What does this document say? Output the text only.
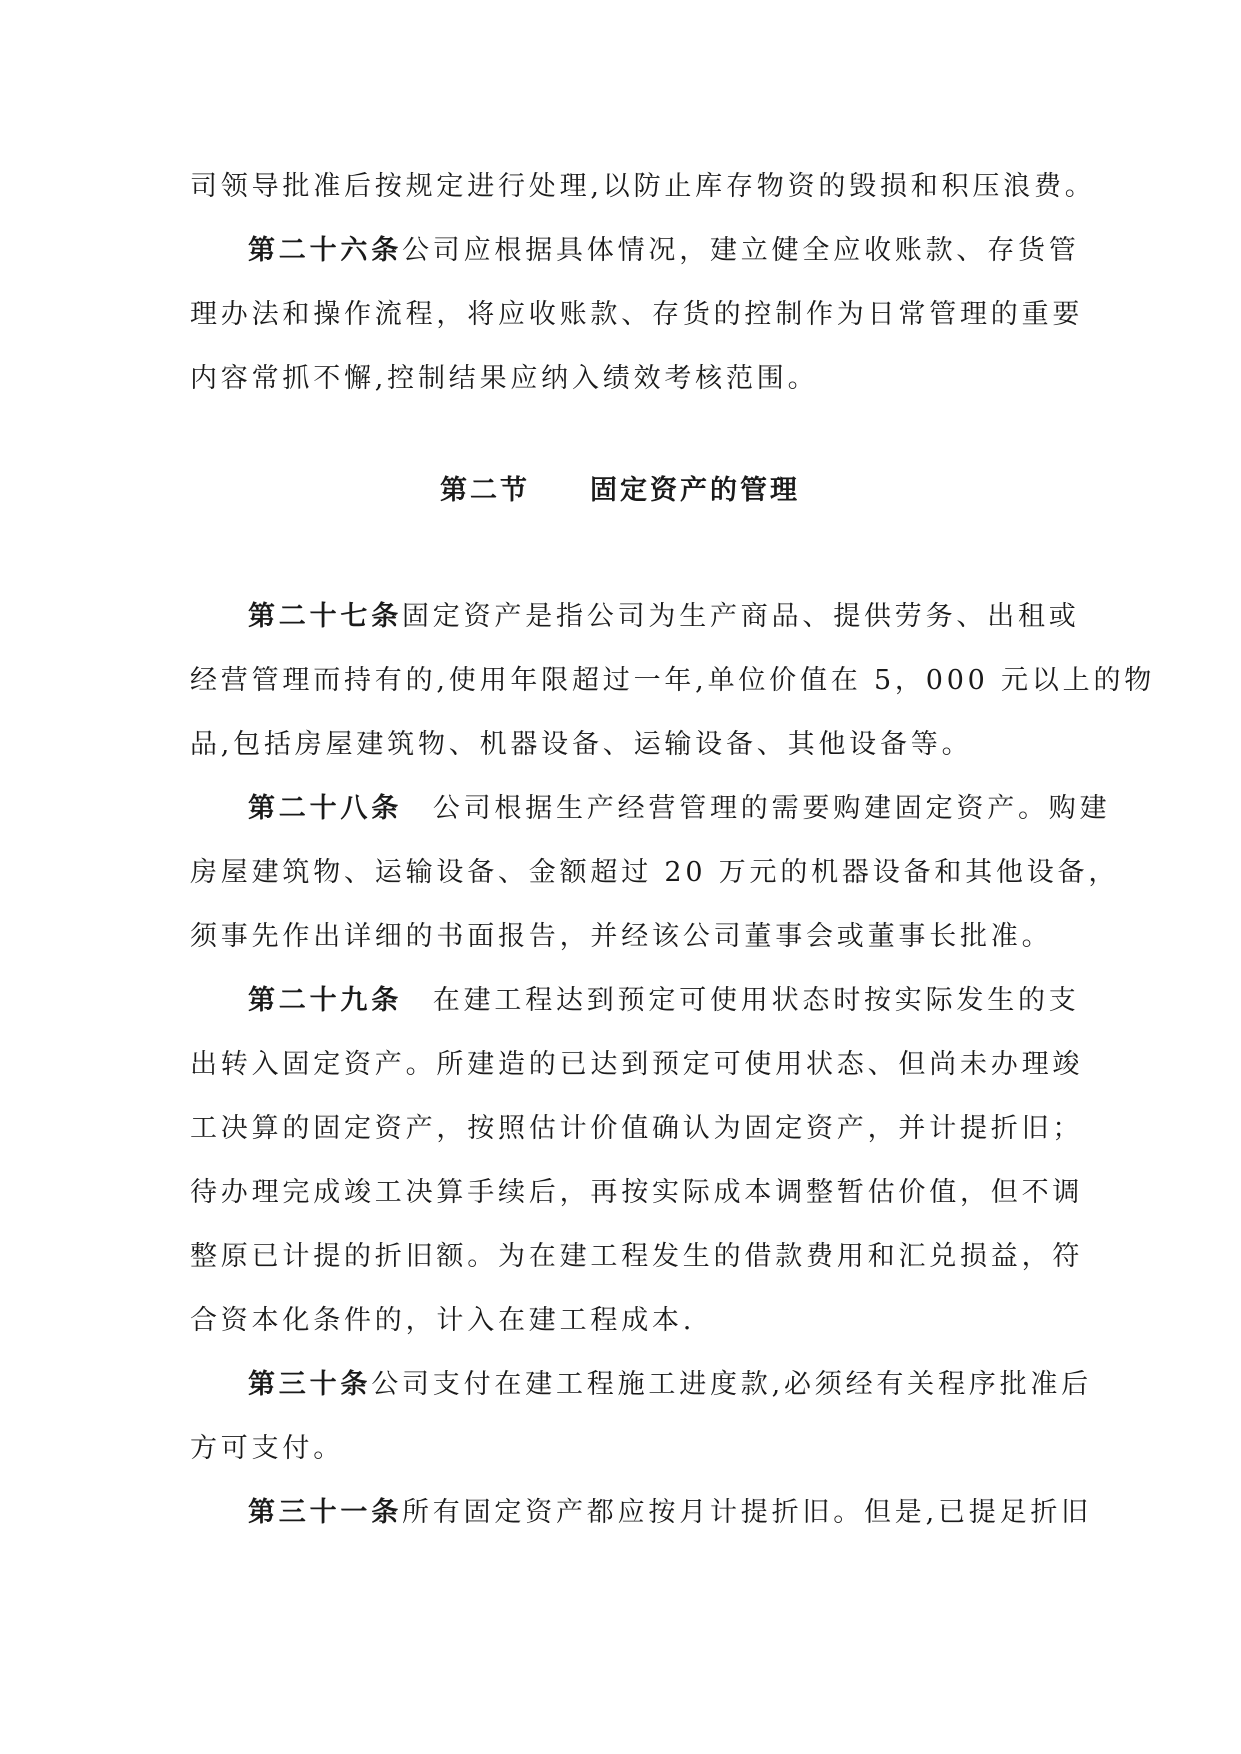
司领导批准后按规定进行处理,以防止库存物资的毁损和积压浪费。
第二十六条公司应根据具体情况，建立健全应收账款、存货管
理办法和操作流程，将应收账款、存货的控制作为日常管理的重要
内容常抓不懈,控制结果应纳入绩效考核范围。
第二节　　固定资产的管理
第二十七条固定资产是指公司为生产商品、提供劳务、出租或
经营管理而持有的,使用年限超过一年,单位价值在 5，000 元以上的物
品,包括房屋建筑物、机器设备、运输设备、其他设备等。
第二十八条　公司根据生产经营管理的需要购建固定资产。购建
房屋建筑物、运输设备、金额超过 20 万元的机器设备和其他设备，
须事先作出详细的书面报告，并经该公司董事会或董事长批准。
第二十九条　在建工程达到预定可使用状态时按实际发生的支
出转入固定资产。所建造的已达到预定可使用状态、但尚未办理竣
工决算的固定资产，按照估计价值确认为固定资产，并计提折旧；
待办理完成竣工决算手续后，再按实际成本调整暂估价值，但不调
整原已计提的折旧额。为在建工程发生的借款费用和汇兑损益，符
合资本化条件的，计入在建工程成本.
第三十条公司支付在建工程施工进度款,必须经有关程序批准后
方可支付。
第三十一条所有固定资产都应按月计提折旧。但是,已提足折旧
